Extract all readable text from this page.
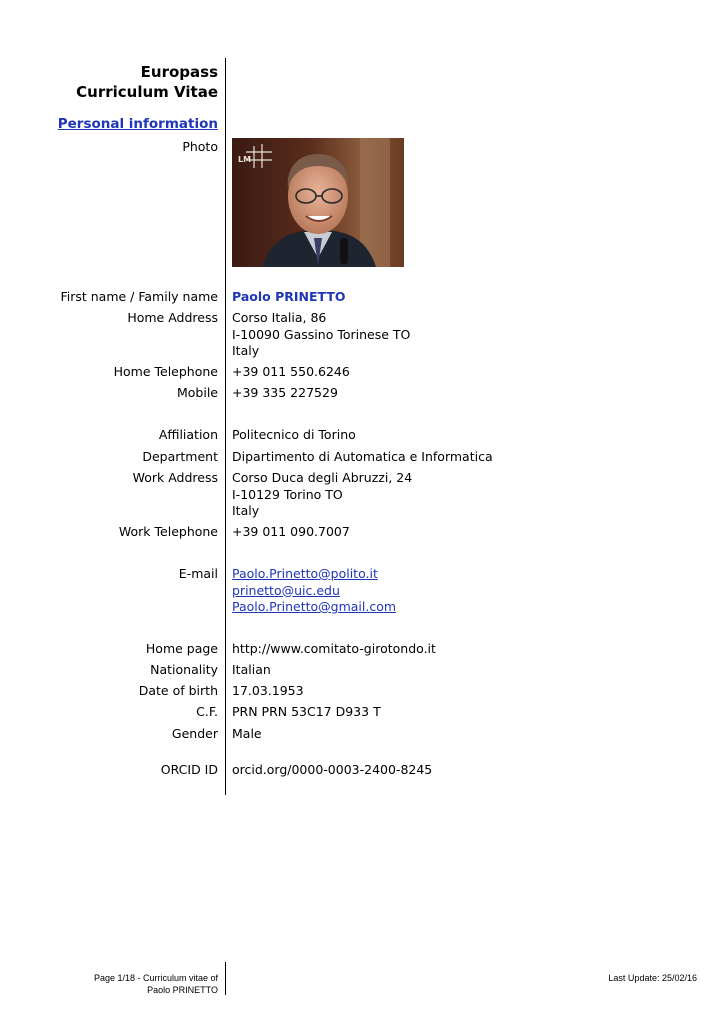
Europass
Curriculum Vitae
Personal information
Photo
LM
First name / Family name Paolo PRINETTO
Home Address Corso Italia, 86
I-10090 Gassino Torinese TO
Italy
Home Telephone +39 011 550.6246
Mobile +39 335 227529
Affiliation Politecnico di Torino
Department Dipartimento di Automatica e Informatica
Work Address Corso Duca degli Abruzzi, 24
I-10129 Torino TO
Italy
Work Telephone +39 011 090.7007
E-mail Paolo.Prinetto@polito.it
prinetto@uic.edu
Paolo.Prinetto@gmail.com
Home page http://www.comitato-girotondo.it
Nationality Italian
Date of birth 17.03.1953
C.F. PRN PRN 53C17 D933 T
Gender Male
ORCID ID orcid.org/0000-0003-2400-8245
Page 1/18 - Curriculum vitae of
Paolo PRINETTO
Last Update: 25/02/16
